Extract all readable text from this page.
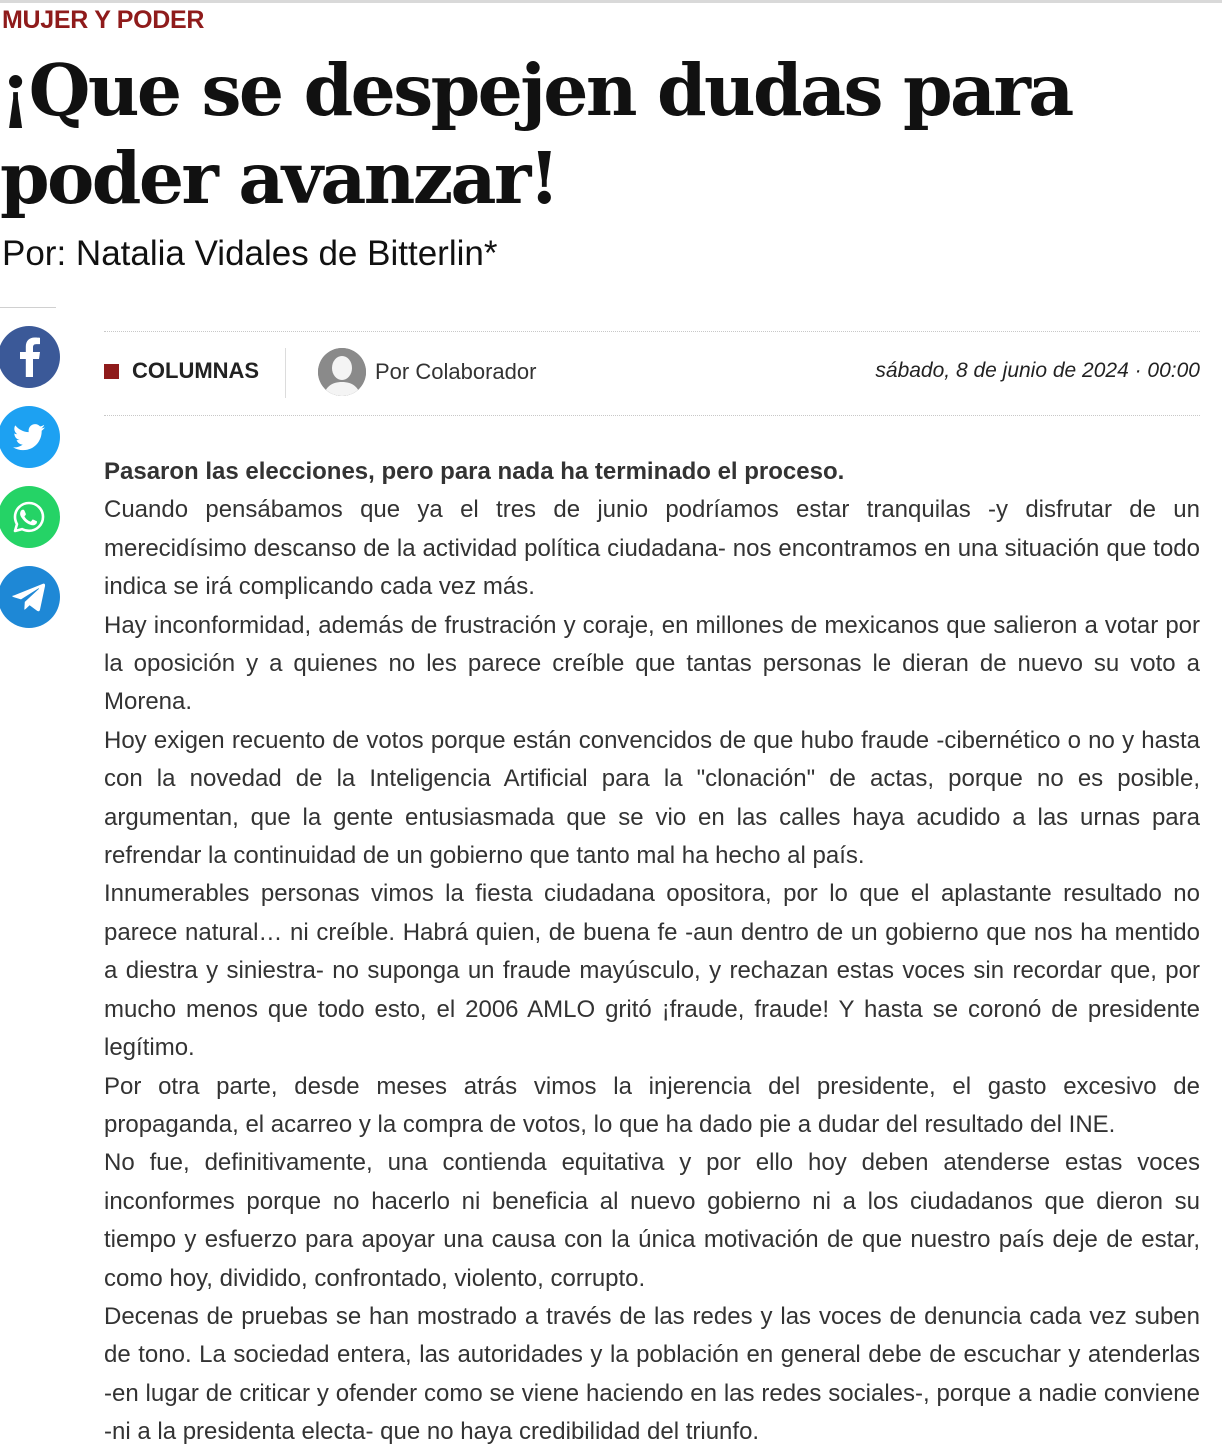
MUJER Y PODER
¡Que se despejen dudas para poder avanzar!
Por: Natalia Vidales de Bitterlin*
COLUMNAS	Por Colaborador	sábado, 8 de junio de 2024 · 00:00

Pasaron las elecciones, pero para nada ha terminado el proceso.

Cuando pensábamos que ya el tres de junio podríamos estar tranquilas -y disfrutar de un merecidísimo descanso de la actividad política ciudadana- nos encontramos en una situación que todo indica se irá complicando cada vez más.

Hay inconformidad, además de frustración y coraje, en millones de mexicanos que salieron a votar por la oposición y a quienes no les parece creíble que tantas personas le dieran de nuevo su voto a Morena.

Hoy exigen recuento de votos porque están convencidos de que hubo fraude -cibernético o no y hasta con la novedad de la Inteligencia Artificial para la "clonación" de actas, porque no es posible, argumentan, que la gente entusiasmada que se vio en las calles haya acudido a las urnas para refrendar la continuidad de un gobierno que tanto mal ha hecho al país.

Innumerables personas vimos la fiesta ciudadana opositora, por lo que el aplastante resultado no parece natural… ni creíble. Habrá quien, de buena fe -aun dentro de un gobierno que nos ha mentido a diestra y siniestra- no suponga un fraude mayúsculo, y rechazan estas voces sin recordar que, por mucho menos que todo esto, el 2006 AMLO gritó ¡fraude, fraude! Y hasta se coronó de presidente legítimo.

Por otra parte, desde meses atrás vimos la injerencia del presidente, el gasto excesivo de propaganda, el acarreo y la compra de votos, lo que ha dado pie a dudar del resultado del INE.

No fue, definitivamente, una contienda equitativa y por ello hoy deben atenderse estas voces inconformes porque no hacerlo ni beneficia al nuevo gobierno ni a los ciudadanos que dieron su tiempo y esfuerzo para apoyar una causa con la única motivación de que nuestro país deje de estar, como hoy, dividido, confrontado, violento, corrupto.

Decenas de pruebas se han mostrado a través de las redes y las voces de denuncia cada vez suben de tono. La sociedad entera, las autoridades y la población en general debe de escuchar y atenderlas -en lugar de criticar y ofender como se viene haciendo en las redes sociales-, porque a nadie conviene -ni a la presidenta electa- que no haya credibilidad del triunfo.
